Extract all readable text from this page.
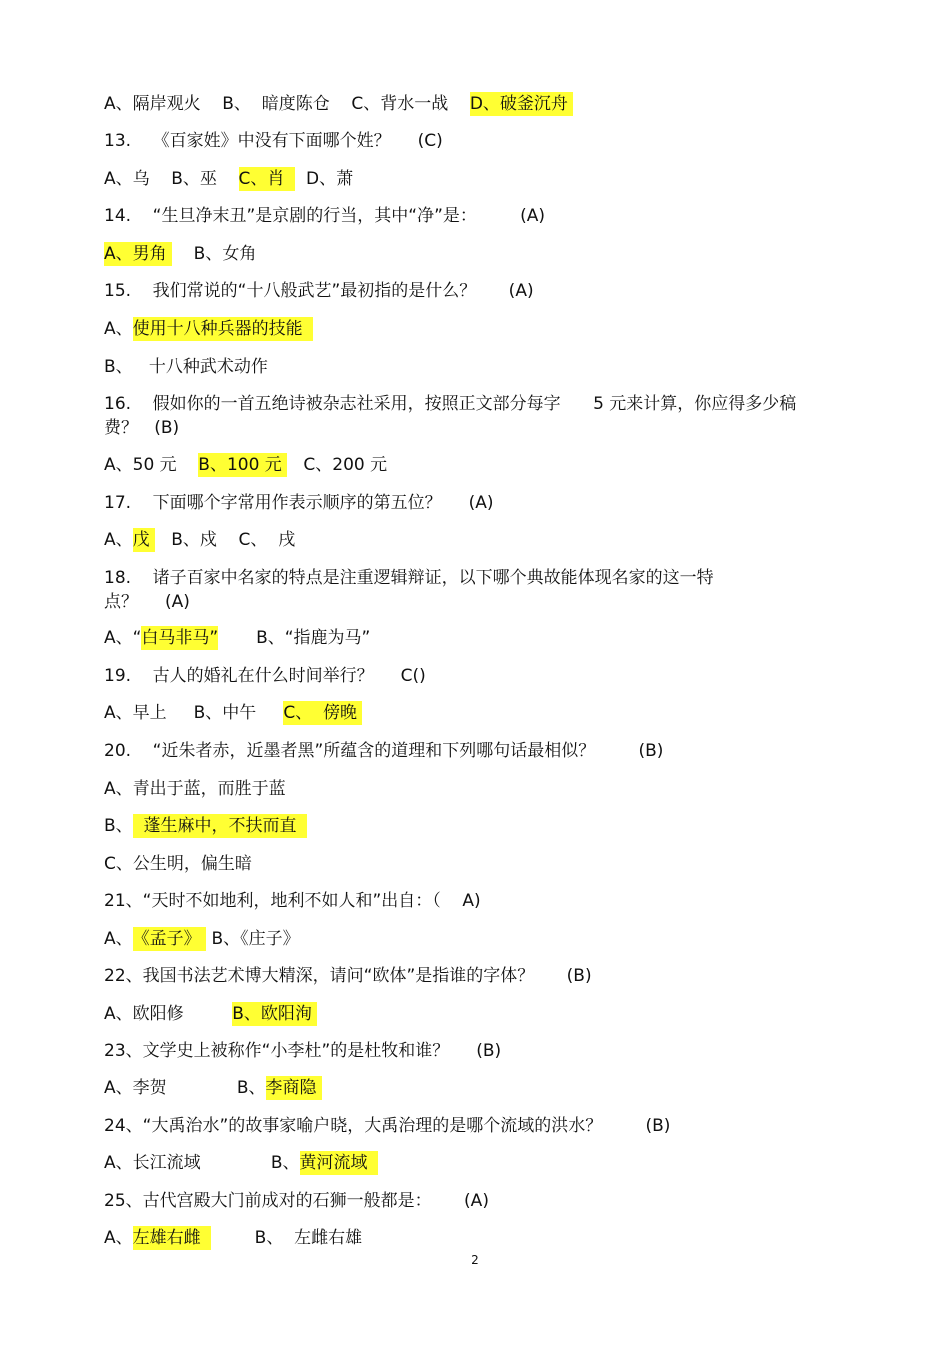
A、隔岸观火    B、  暗度陈仓    C、背水一战    D、破釜沉舟
13.    《百家姓》中没有下面哪个姓？     (C)
A、乌    B、巫    C、肖    D、萧
14.    “生旦净末丑”是京剧的行当，其中“净”是：        (A)
A、男角     B、女角
15.    我们常说的“十八般武艺”最初指的是什么？      (A)
A、使用十八种兵器的技能
B、   十八种武术动作
16.    假如你的一首五绝诗被杂志社采用，按照正文部分每字      5 元来计算，你应得多少稿
费？   (B)
A、50 元    B、100 元    C、200 元
17.    下面哪个字常用作表示顺序的第五位？     (A)
A、戊    B、戍    C、  戌
18.    诸子百家中名家的特点是注重逻辑辩证，以下哪个典故能体现名家的这一特
点？     (A)
A、“白马非马”       B、“指鹿为马”
19.    古人的婚礼在什么时间举行？     C()
A、早上     B、中午     C、  傍晚
20.    “近朱者赤，近墨者黑”所蕴含的道理和下列哪句话最相似？        (B)
A、青出于蓝，而胜于蓝
B、  蓬生麻中，不扶而直
C、公生明，偏生暗
21、“天时不如地利，地利不如人和”出自：（    A)
A、《孟子》  B、《庄子》
22、我国书法艺术博大精深，请问“欧体”是指谁的字体？      (B)
A、欧阳修         B、欧阳洵
23、文学史上被称作“小李杜”的是杜牧和谁？     (B)
A、李贺             B、李商隐
24、“大禹治水”的故事家喻户晓，大禹治理的是哪个流域的洪水？        (B)
A、长江流域             B、黄河流域
25、古代宫殿大门前成对的石狮一般都是：      (A)
A、左雄右雌          B、  左雌右雄
2
